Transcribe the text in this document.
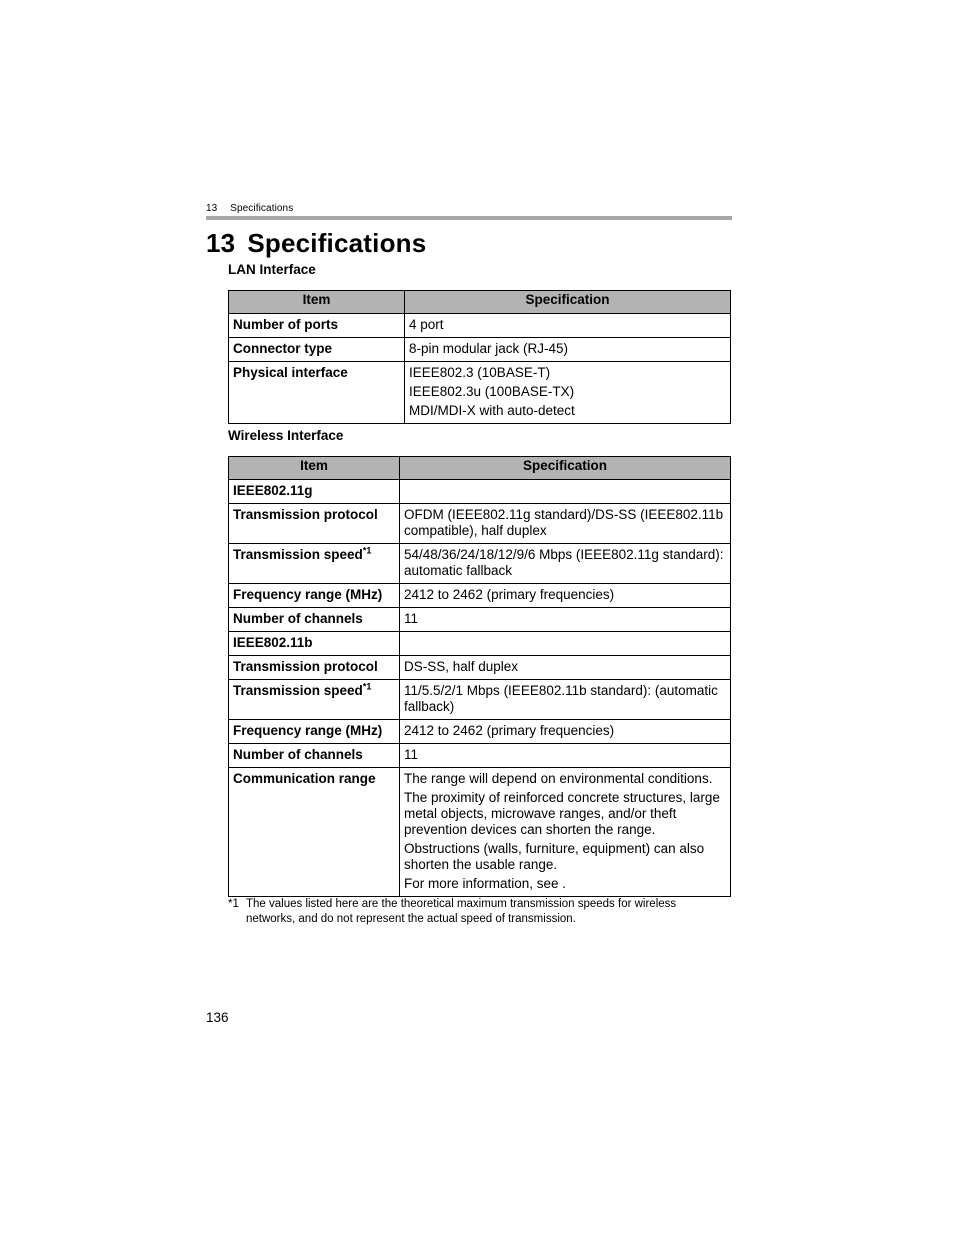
13 Specifications
13 Specifications
LAN Interface
Item	Specification
Number of ports	4 port

Connector type	8-pin modular jack (RJ-45)

Physical interface	IEEE802.3 (10BASE-T)
IEEE802.3u (100BASE-TX)
MDI/MDI-X with auto-detect
Wireless Interface
Item	Specification
IEEE802.11g	
Transmission protocol	OFDM (IEEE802.11g standard)/DS-SS (IEEE802.11b compatible), half duplex

Transmission speed$^{*1}$	54/48/36/24/18/12/9/6 Mbps (IEEE802.11g standard): automatic fallback

Frequency range (MHz)	2412 to 2462 (primary frequencies)

Number of channels	11

IEEE802.11b	
Transmission protocol	DS-SS, half duplex

Transmission speed$^{*1}$	11/5.5/2/1 Mbps (IEEE802.11b standard): (automatic fallback)

Frequency range (MHz)	2412 to 2462 (primary frequencies)

Number of channels	11

Communication range	The range will depend on environmental conditions.
The proximity of reinforced concrete structures, large metal objects, microwave ranges, and/or theft prevention devices can shorten the range.
Obstructions (walls, furniture, equipment) can also shorten the usable range.
For more information, see .
*1 The values listed here are the theoretical maximum transmission speeds for wireless networks, and do not represent the actual speed of transmission.
136
